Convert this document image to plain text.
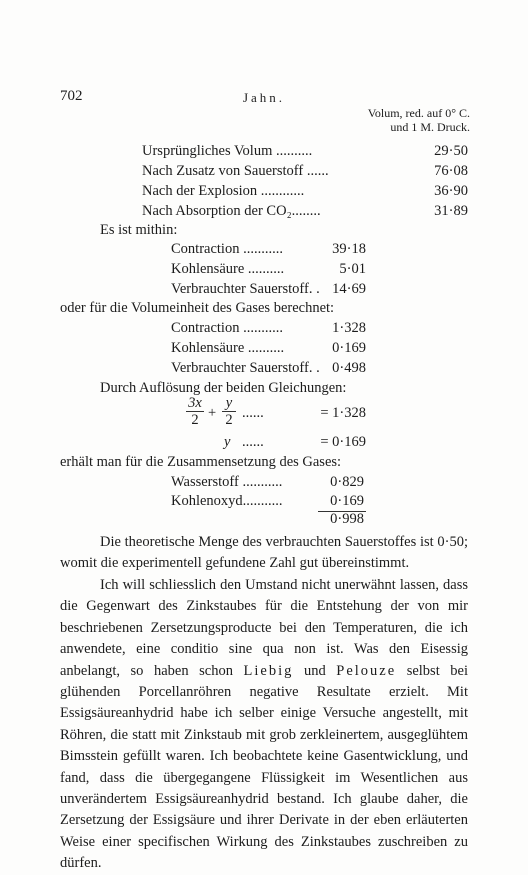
702	Jahn.
Volum, red. auf 0° C.
und 1 M. Druck.
Ursprüngliches Volum ..........	29·50
Nach Zusatz von Sauerstoff ......	76·08
Nach der Explosion ............	36·90
Nach Absorption der CO₂........	31·89
Es ist mithin:
Contraction ...........	39·18
Kohlensäure ..........	5·01
Verbrauchter Sauerstoff. . 14·69
oder für die Volumeinheit des Gases berechnet:
Contraction ...........	1·328
Kohlensäure ..........	0·169
Verbrauchter Sauerstoff. . 0·498
Durch Auflösung der beiden Gleichungen:
3x
2 +
y
2 ......	= 1·328
y ......	= 0·169
erhält man für die Zusammensetzung des Gases:
Wasserstoff ...........	0·829
Kohlenoxyd...........	0·169
0·998
Die theoretische Menge des verbrauchten Sauerstoffes ist 0·50; womit die experimentell gefundene Zahl gut übereinstimmt.
Ich will schliesslich den Umstand nicht unerwähnt lassen, dass die Gegenwart des Zinkstaubes für die Entstehung der von mir beschriebenen Zersetzungsproducte bei den Temperaturen, die ich anwendete, eine conditio sine qua non ist. Was den Eisessig anbelangt, so haben schon Liebig und Pelouze selbst bei glühenden Porcellanröhren negative Resultate erzielt. Mit Essigsäureanhydrid habe ich selber einige Versuche angestellt, mit Röhren, die statt mit Zinkstaub mit grob zerkleinertem, ausgeglühtem Bimsstein gefüllt waren. Ich beobachtete keine Gasentwicklung, und fand, dass die übergegangene Flüssigkeit im Wesentlichen aus unverändertem Essigsäureanhydrid bestand. Ich glaube daher, die Zersetzung der Essigsäure und ihrer Derivate in der eben erläuterten Weise einer specifischen Wirkung des Zinkstaubes zuschreiben zu dürfen.
